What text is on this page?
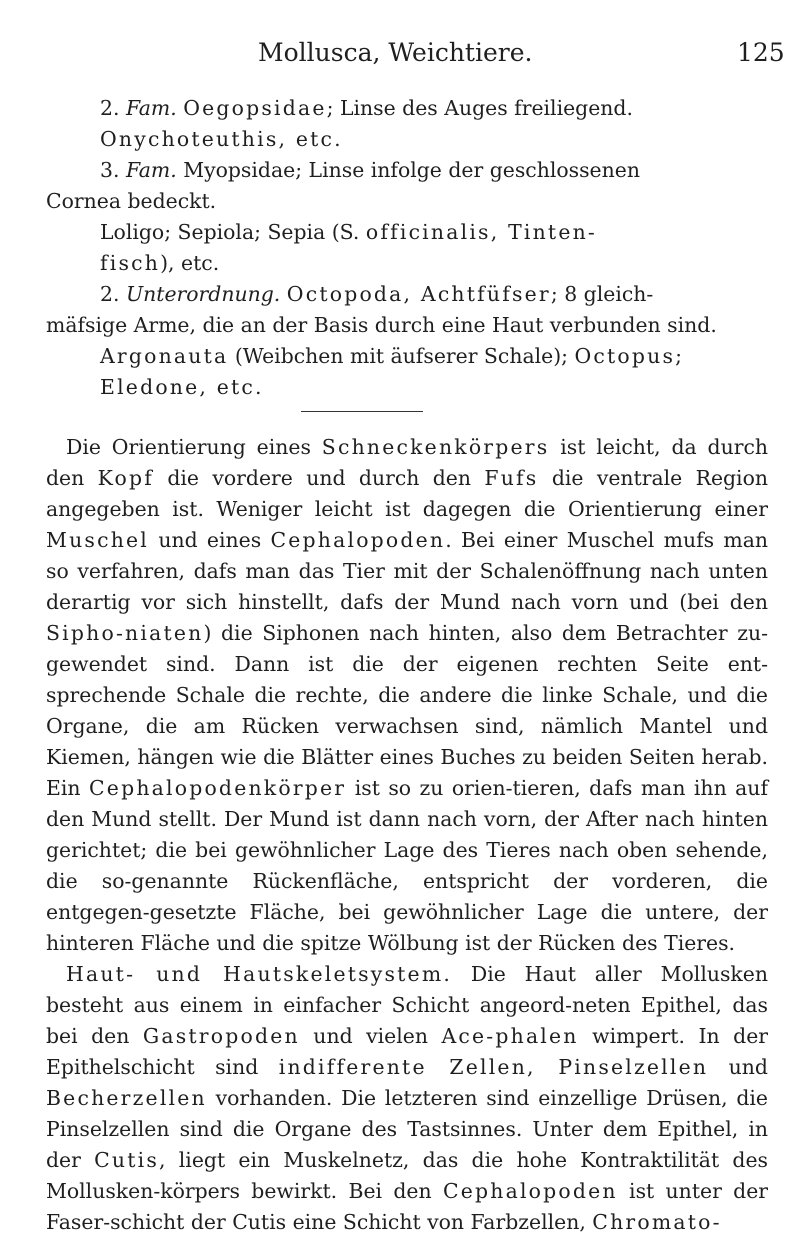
Mollusca, Weichtiere.	125
2. Fam. Oegopsidae; Linse des Auges freiliegend.
Onychoteuthis, etc.
3. Fam. Myopsidae; Linse infolge der geschlossenen
Cornea bedeckt.
Loligo; Sepiola; Sepia (S. officinalis, Tinten-
fisch), etc.
2. Unterordnung. Octopoda, Achtfüfser; 8 gleich-
mäfsige Arme, die an der Basis durch eine Haut verbunden sind.
Argonauta (Weibchen mit äufserer Schale); Octopus;
Eledone, etc.

Die Orientierung eines Schneckenkörpers ist leicht, da durch den Kopf die vordere und durch den Fufs die ventrale Region angegeben ist. Weniger leicht ist dagegen die Orientierung einer Muschel und eines Cephalopoden. Bei einer Muschel mufs man so verfahren, dafs man das Tier mit der Schalenöffnung nach unten derartig vor sich hinstellt, dafs der Mund nach vorn und (bei den Sipho-niaten) die Siphonen nach hinten, also dem Betrachter zu-gewendet sind. Dann ist die der eigenen rechten Seite ent-sprechende Schale die rechte, die andere die linke Schale, und die Organe, die am Rücken verwachsen sind, nämlich Mantel und Kiemen, hängen wie die Blätter eines Buches zu beiden Seiten herab. Ein Cephalopodenkörper ist so zu orien-tieren, dafs man ihn auf den Mund stellt. Der Mund ist dann nach vorn, der After nach hinten gerichtet; die bei gewöhnlicher Lage des Tieres nach oben sehende, die so-genannte Rückenfläche, entspricht der vorderen, die entgegen-gesetzte Fläche, bei gewöhnlicher Lage die untere, der hinteren Fläche und die spitze Wölbung ist der Rücken des Tieres.

Haut- und Hautskeletsystem. Die Haut aller Mollusken besteht aus einem in einfacher Schicht angeord-neten Epithel, das bei den Gastropoden und vielen Ace-phalen wimpert. In der Epithelschicht sind indifferente Zellen, Pinselzellen und Becherzellen vorhanden. Die letzteren sind einzellige Drüsen, die Pinselzellen sind die Organe des Tastsinnes. Unter dem Epithel, in der Cutis, liegt ein Muskelnetz, das die hohe Kontraktilität des Mollusken-körpers bewirkt. Bei den Cephalopoden ist unter der Faser-schicht der Cutis eine Schicht von Farbzellen, Chromato-
